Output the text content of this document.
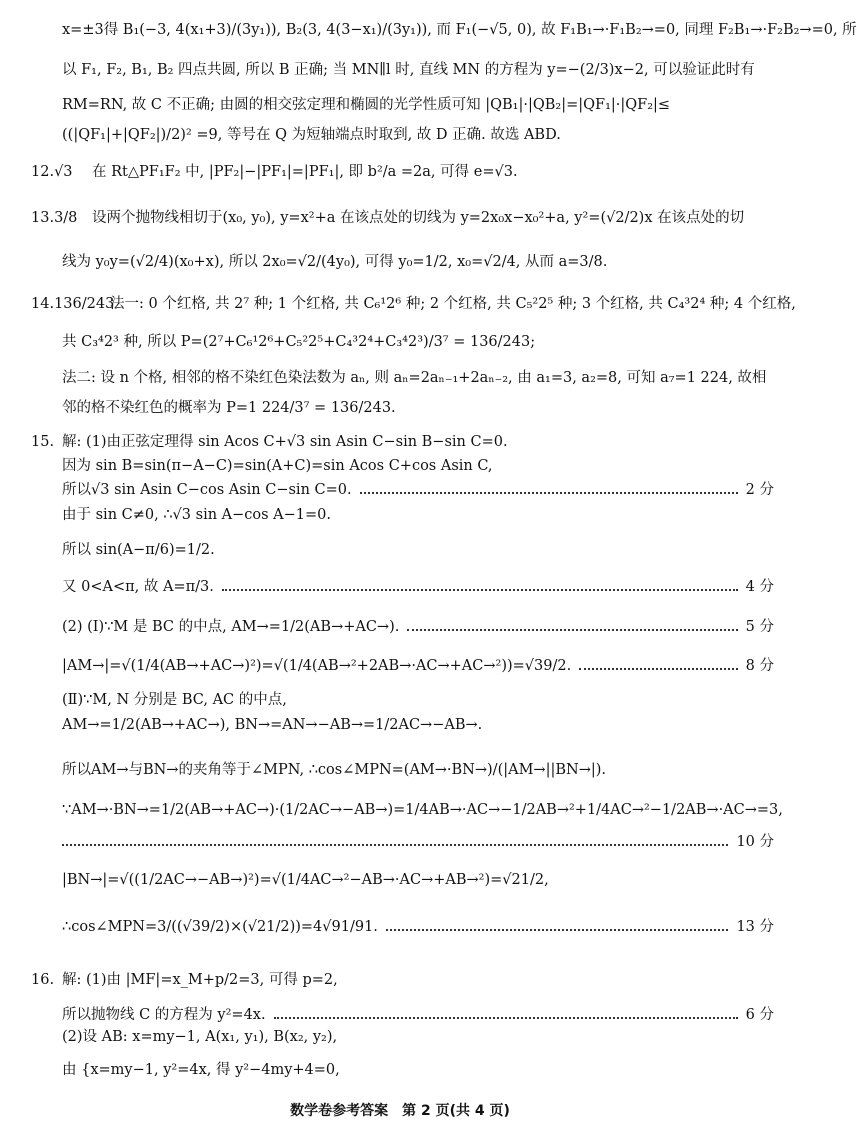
x=±3得 B₁(−3, 4(x₁+3)/(3y₁)), B₂(3, 4(3−x₁)/(3y₁)), 而 F₁(−√5, 0), 故 F₁B₁→·F₁B₂→=0, 同理 F₂B₁→·F₂B₂→=0, 所
以 F₁, F₂, B₁, B₂ 四点共圆, 所以 B 正确; 当 MN∥l 时, 直线 MN 的方程为 y=−(2/3)x−2, 可以验证此时有
RM=RN, 故 C 不正确; 由圆的相交弦定理和椭圆的光学性质可知 |QB₁|·|QB₂|=|QF₁|·|QF₂|≤
((|QF₁|+|QF₂|)/2)² =9, 等号在 Q 为短轴端点时取到, 故 D 正确. 故选 ABD.
12.√3 在 Rt△PF₁F₂ 中, |PF₂|−|PF₁|=|PF₁|, 即 b²/a =2a, 可得 e=√3.
13.3/8 设两个抛物线相切于(x₀, y₀), y=x²+a 在该点处的切线为 y=2x₀x−x₀²+a, y²=(√2/2)x 在该点处的切
线为 y₀y=(√2/4)(x₀+x), 所以 2x₀=√2/(4y₀), 可得 y₀=1/2, x₀=√2/4, 从而 a=3/8.
14.136/243
法一: 0 个红格, 共 2⁷ 种; 1 个红格, 共 C₆¹2⁶ 种; 2 个红格, 共 C₅²2⁵ 种; 3 个红格, 共 C₄³2⁴ 种; 4 个红格,
共 C₃⁴2³ 种, 所以 P=(2⁷+C₆¹2⁶+C₅²2⁵+C₄³2⁴+C₃⁴2³)/3⁷ = 136/243;
法二: 设 n 个格, 相邻的格不染红色染法数为 aₙ, 则 aₙ=2aₙ₋₁+2aₙ₋₂, 由 a₁=3, a₂=8, 可知 a₇=1 224, 故相
邻的格不染红色的概率为 P=1 224/3⁷ = 136/243.
15. 解: (1)由正弦定理得 sin Acos C+√3 sin Asin C−sin B−sin C=0.
因为 sin B=sin(π−A−C)=sin(A+C)=sin Acos C+cos Asin C,
所以√3 sin Asin C−cos Asin C−sin C=0.	2 分
由于 sin C≠0, ∴√3 sin A−cos A−1=0.
所以 sin(A−π/6)=1/2.
又 0<A<π, 故 A=π/3.	4 分
(2) (Ⅰ)∵M 是 BC 的中点, AM→=1/2(AB→+AC→).	5 分
|AM→|=√(1/4(AB→+AC→)²)=√(1/4(AB→²+2AB→·AC→+AC→²))=√39/2.	8 分
(Ⅱ)∵M, N 分别是 BC, AC 的中点,
AM→=1/2(AB→+AC→), BN→=AN→−AB→=1/2AC→−AB→.
所以AM→与BN→的夹角等于∠MPN, ∴cos∠MPN=(AM→·BN→)/(|AM→||BN→|).
∵AM→·BN→=1/2(AB→+AC→)·(1/2AC→−AB→)=1/4AB→·AC→−1/2AB→²+1/4AC→²−1/2AB→·AC→=3,
10 分
|BN→|=√((1/2AC→−AB→)²)=√(1/4AC→²−AB→·AC→+AB→²)=√21/2,
∴cos∠MPN=3/((√39/2)×(√21/2))=4√91/91.	13 分
16. 解: (1)由 |MF|=x_M+p/2=3, 可得 p=2,
所以抛物线 C 的方程为 y²=4x.	6 分
(2)设 AB: x=my−1, A(x₁, y₁), B(x₂, y₂),
由 {x=my−1, y²=4x, 得 y²−4my+4=0,
数学卷参考答案　第 2 页(共 4 页)
